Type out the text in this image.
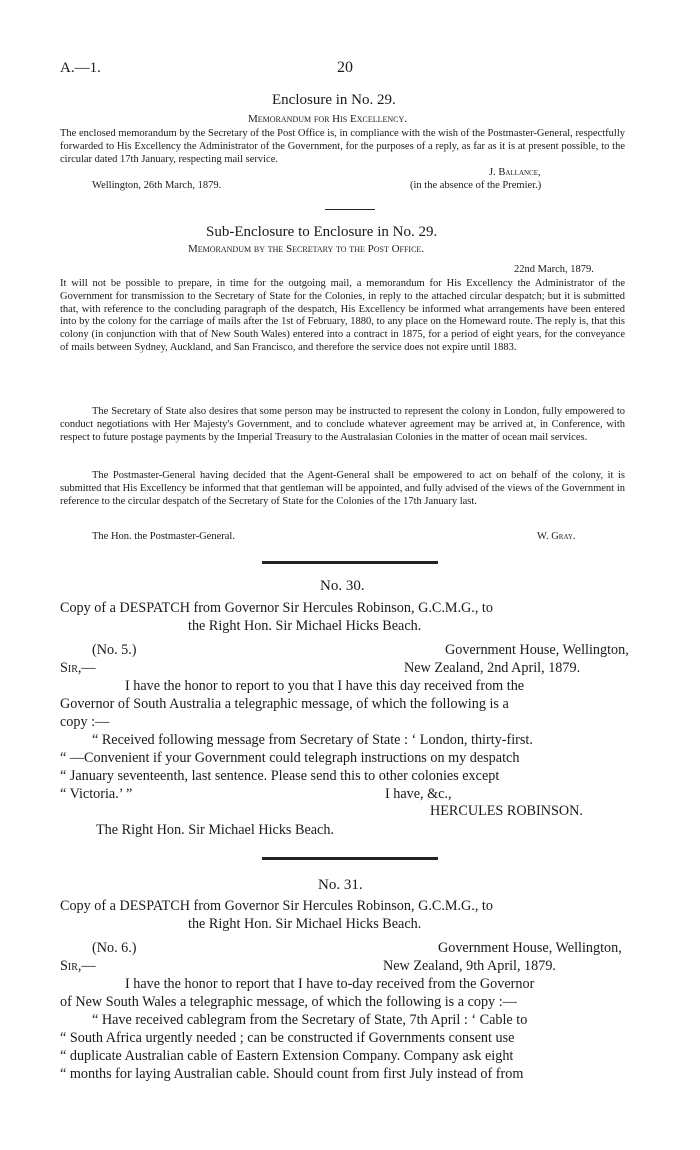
A.—1.	20
Enclosure in No. 29.
Memorandum for His Excellency.
The enclosed memorandum by the Secretary of the Post Office is, in compliance with the wish of the Postmaster-General, respectfully forwarded to His Excellency the Administrator of the Government, for the purposes of a reply, as far as it is at present possible, to the circular dated 17th January, respecting mail service.
J. Ballance,
Wellington, 26th March, 1879.	(in the absence of the Premier.)
Sub-Enclosure to Enclosure in No. 29.
Memorandum by the Secretary to the Post Office.
22nd March, 1879.
It will not be possible to prepare, in time for the outgoing mail, a memorandum for His Excellency the Administrator of the Government for transmission to the Secretary of State for the Colonies, in reply to the attached circular despatch; but it is submitted that, with reference to the concluding paragraph of the despatch, His Excellency be informed what arrangements have been entered into by the colony for the carriage of mails after the 1st of February, 1880, to any place on the Homeward route. The reply is, that this colony (in conjunction with that of New South Wales) entered into a contract in 1875, for a period of eight years, for the conveyance of mails between Sydney, Auckland, and San Francisco, and therefore the service does not expire until 1883.
The Secretary of State also desires that some person may be instructed to represent the colony in London, fully empowered to conduct negotiations with Her Majesty's Government, and to conclude whatever agreement may be arrived at, in Conference, with respect to future postage payments by the Imperial Treasury to the Australasian Colonies in the matter of ocean mail services.
The Postmaster-General having decided that the Agent-General shall be empowered to act on behalf of the colony, it is submitted that His Excellency be informed that that gentleman will be appointed, and fully advised of the views of the Government in reference to the circular despatch of the Secretary of State for the Colonies of the 17th January last.
The Hon. the Postmaster-General.	W. Gray.
No. 30.
Copy of a DESPATCH from Governor Sir Hercules Robinson, G.C.M.G., to
the Right Hon. Sir Michael Hicks Beach.
(No. 5.)	Government House, Wellington,
Sir,—	New Zealand, 2nd April, 1879.
I have the honor to report to you that I have this day received from the
Governor of South Australia a telegraphic message, of which the following is a
copy :—
“ Received following message from Secretary of State : ‘ London, thirty-first.
“ —Convenient if your Government could telegraph instructions on my despatch
“ January seventeenth, last sentence. Please send this to other colonies except
“ Victoria.’ ”	I have, &c.,
HERCULES ROBINSON.
The Right Hon. Sir Michael Hicks Beach.
No. 31.
Copy of a DESPATCH from Governor Sir Hercules Robinson, G.C.M.G., to
the Right Hon. Sir Michael Hicks Beach.
(No. 6.)	Government House, Wellington,
Sir,—	New Zealand, 9th April, 1879.
I have the honor to report that I have to-day received from the Governor
of New South Wales a telegraphic message, of which the following is a copy :—
“ Have received cablegram from the Secretary of State, 7th April : ‘ Cable to
“ South Africa urgently needed ; can be constructed if Governments consent use
“ duplicate Australian cable of Eastern Extension Company. Company ask eight
“ months for laying Australian cable. Should count from first July instead of from
